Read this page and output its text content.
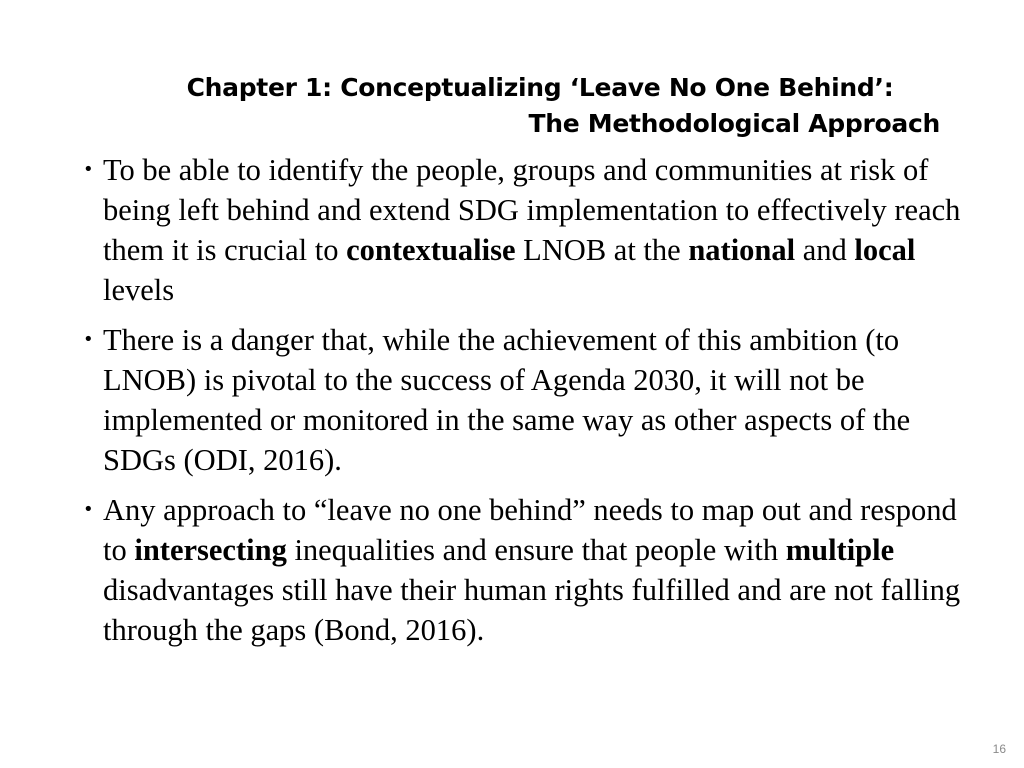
Chapter 1: Conceptualizing ‘Leave No One Behind’:
The Methodological Approach
• To be able to identify the people, groups and communities at risk of being left behind and extend SDG implementation to effectively reach them it is crucial to contextualise LNOB at the national and local levels
• There is a danger that, while the achievement of this ambition (to LNOB) is pivotal to the success of Agenda 2030, it will not be implemented or monitored in the same way as other aspects of the SDGs (ODI, 2016).
• Any approach to “leave no one behind” needs to map out and respond to intersecting inequalities and ensure that people with multiple disadvantages still have their human rights fulfilled and are not falling through the gaps (Bond, 2016).
16
